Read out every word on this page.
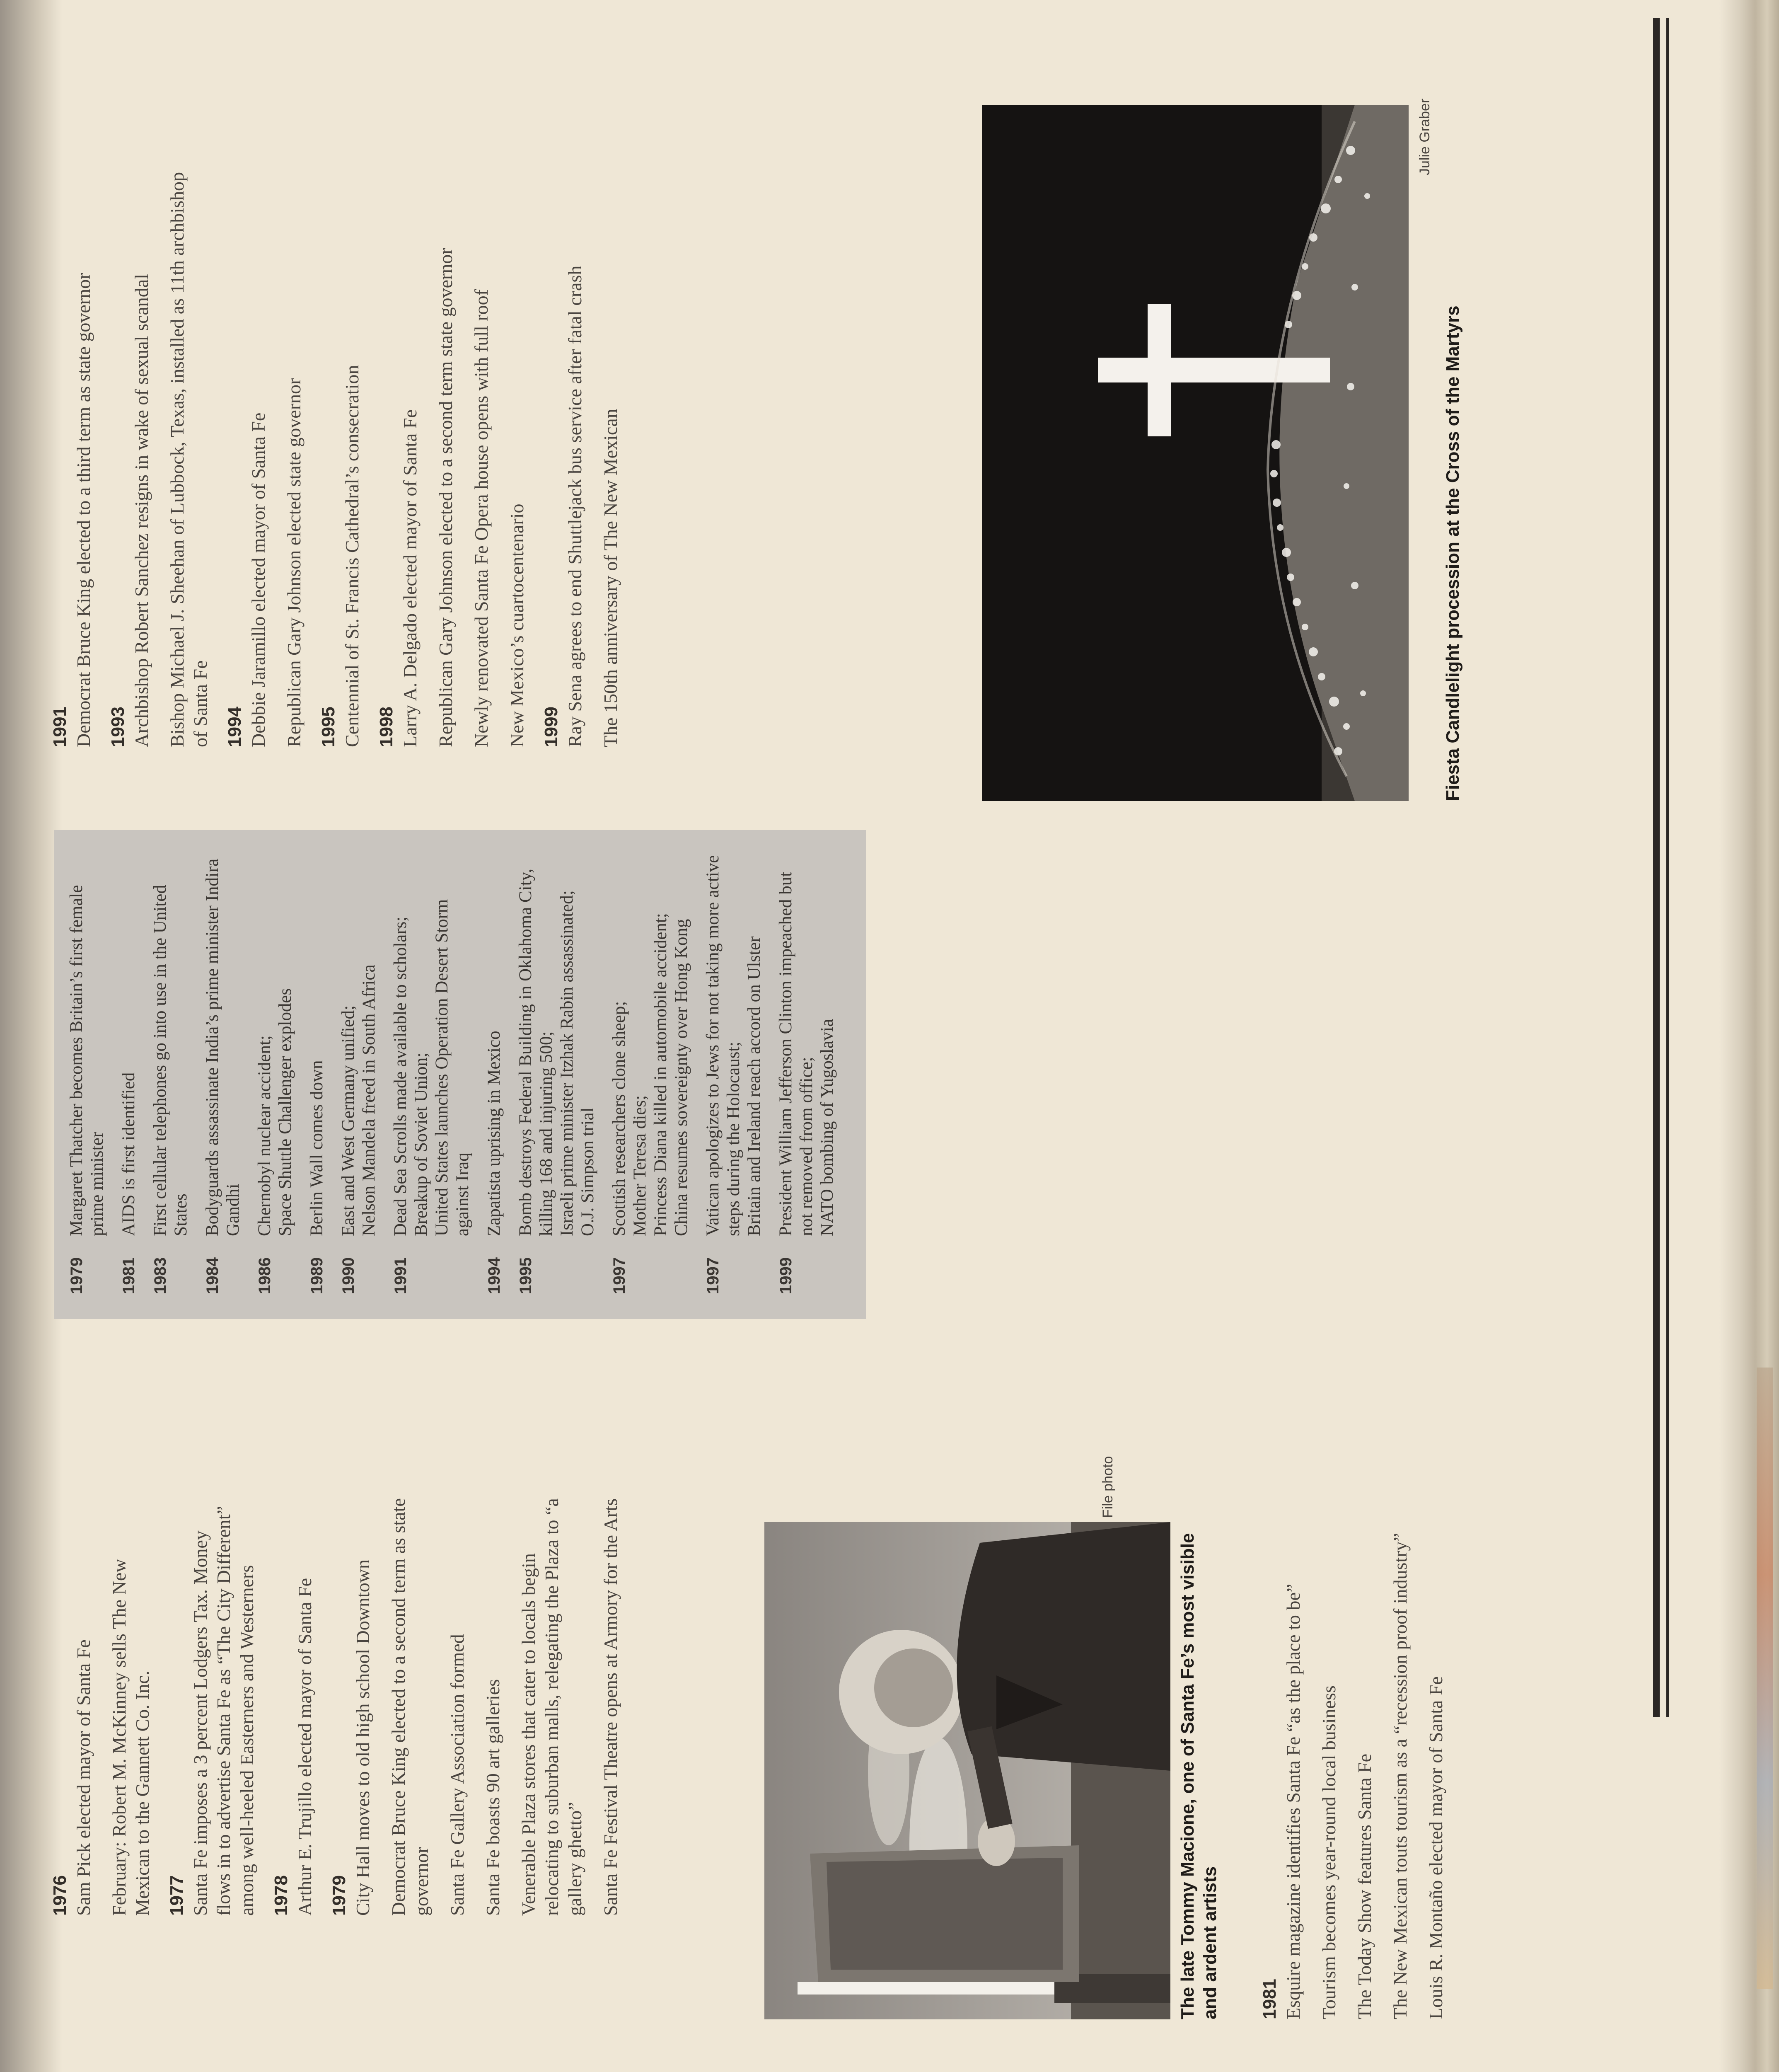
1976 Sam Pick elected mayor of Santa Fe February: Robert M. McKinney sells The New Mexican to the Gannett Co. Inc. 1977 Santa Fe imposes a 3 percent Lodgers Tax. Money flows in to advertise Santa Fe as “The City Different” among well-heeled Easterners and Westerners 1978 Arthur E. Trujillo elected mayor of Santa Fe 1979 City Hall moves to old high school Downtown Democrat Bruce King elected to a second term as state governor Santa Fe Gallery Association formed Santa Fe boasts 90 art galleries Venerable Plaza stores that cater to locals begin relocating to suburban malls, relegating the Plaza to “a gallery ghetto” Santa Fe Festival Theatre opens at Armory for the Arts

File photo
The late Tommy Macione, one of Santa Fe’s most visible and ardent artists 1981 Esquire magazine identifies Santa Fe “as the place to be” Tourism becomes year-round local business The Today Show features Santa Fe The New Mexican touts tourism as a “recession proof industry” Louis R. Montaño elected mayor of Santa Fe

1979
Margaret Thatcher becomes Britain’s first female prime minister
1981
AIDS is first identified
1983
First cellular telephones go into use in the United States
1984
Bodyguards assassinate India’s prime minister Indira Gandhi
1986
Chernobyl nuclear accident; Space Shuttle Challenger explodes
1989
Berlin Wall comes down
1990
East and West Germany unified; Nelson Mandela freed in South Africa
1991
Dead Sea Scrolls made available to scholars; Breakup of Soviet Union; United States launches Operation Desert Storm against Iraq
1994
Zapatista uprising in Mexico
1995
Bomb destroys Federal Building in Oklahoma City, killing 168 and injuring 500; Israeli prime minister Itzhak Rabin assassinated; O.J. Simpson trial
1997
Scottish researchers clone sheep; Mother Teresa dies; Princess Diana killed in automobile accident; China resumes sovereignty over Hong Kong
1997
Vatican apologizes to Jews for not taking more active steps during the Holocaust; Britain and Ireland reach accord on Ulster
1999
President William Jefferson Clinton impeached but not removed from office; NATO bombing of Yugoslavia
1991 Democrat Bruce King elected to a third term as state governor 1993 Archbishop Robert Sanchez resigns in wake of sexual scandal Bishop Michael J. Sheehan of Lubbock, Texas, installed as 11th archbishop of Santa Fe 1994 Debbie Jaramillo elected mayor of Santa Fe Republican Gary Johnson elected state governor 1995 Centennial of St. Francis Cathedral’s consecration 1998 Larry A. Delgado elected mayor of Santa Fe Republican Gary Johnson elected to a second term state governor Newly renovated Santa Fe Opera house opens with full roof New Mexico’s cuartocentenario 1999 Ray Sena agrees to end Shuttlejack bus service after fatal crash The 150th anniversary of The New Mexican

Julie Graber
Fiesta Candlelight procession at the Cross of the Martyrs
